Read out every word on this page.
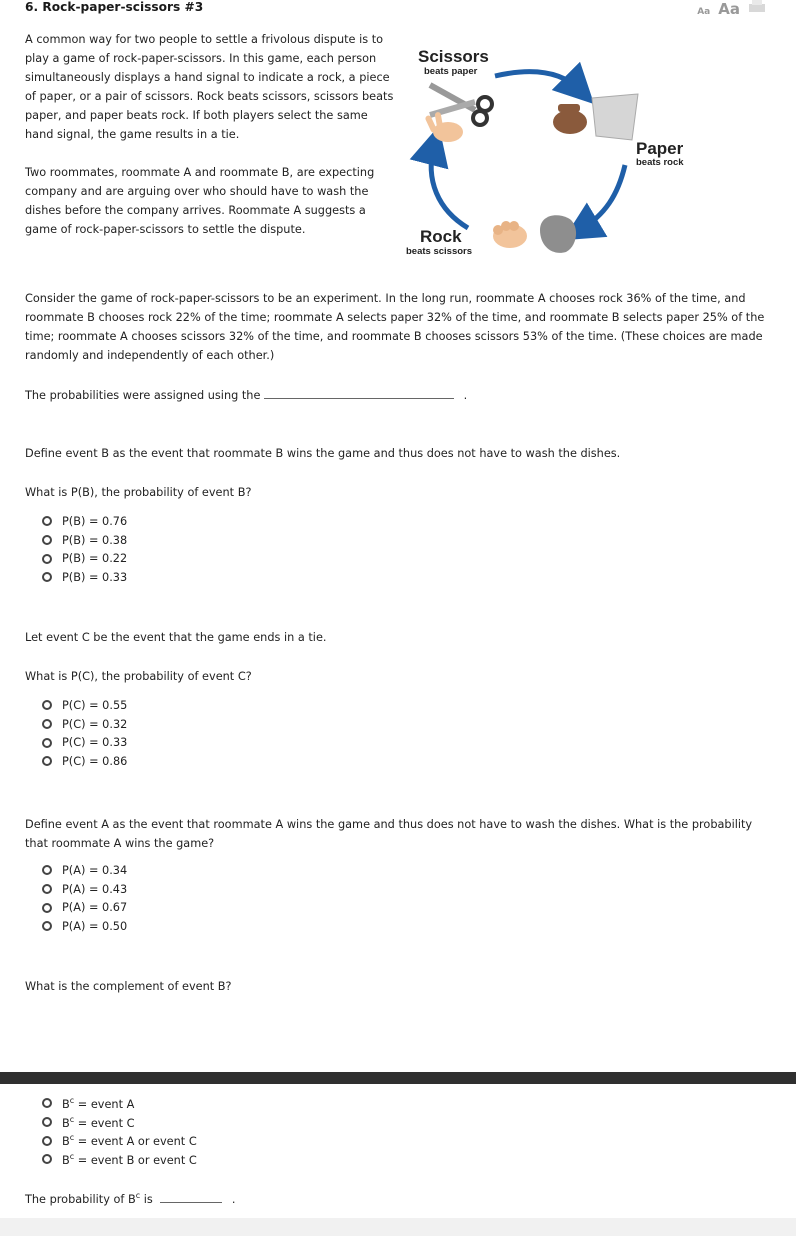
6. Rock-paper-scissors #3	Aa Aa

A common way for two people to settle a frivolous dispute is to play a game of rock-paper-scissors. In this game, each person simultaneously displays a hand signal to indicate a rock, a piece of paper, or a pair of scissors. Rock beats scissors, scissors beats paper, and paper beats rock. If both players select the same hand signal, the game results in a tie.

Two roommates, roommate A and roommate B, are expecting company and are arguing over who should have to wash the dishes before the company arrives. Roommate A suggests a game of rock-paper-scissors to settle the dispute.

Scissors
beats paper
Paper
beats rock
Rock
beats scissors

Consider the game of rock-paper-scissors to be an experiment. In the long run, roommate A chooses rock 36% of the time, and roommate B chooses rock 22% of the time; roommate A selects paper 32% of the time, and roommate B selects paper 25% of the time; roommate A chooses scissors 32% of the time, and roommate B chooses scissors 53% of the time. (These choices are made randomly and independently of each other.)

The probabilities were assigned using the	.
Define event B as the event that roommate B wins the game and thus does not have to wash the dishes.
What is P(B), the probability of event B?
P(B) = 0.76
P(B) = 0.38
P(B) = 0.22
P(B) = 0.33
Let event C be the event that the game ends in a tie.
What is P(C), the probability of event C?
P(C) = 0.55
P(C) = 0.32
P(C) = 0.33
P(C) = 0.86

Define event A as the event that roommate A wins the game and thus does not have to wash the dishes. What is the probability that roommate A wins the game?

P(A) = 0.34
P(A) = 0.43
P(A) = 0.67
P(A) = 0.50
What is the complement of event B?
$B^c$ = event A
$B^c$ = event C
$B^c$ = event A or event C
$B^c$ = event B or event C
The probability of $B^c$ is	.
